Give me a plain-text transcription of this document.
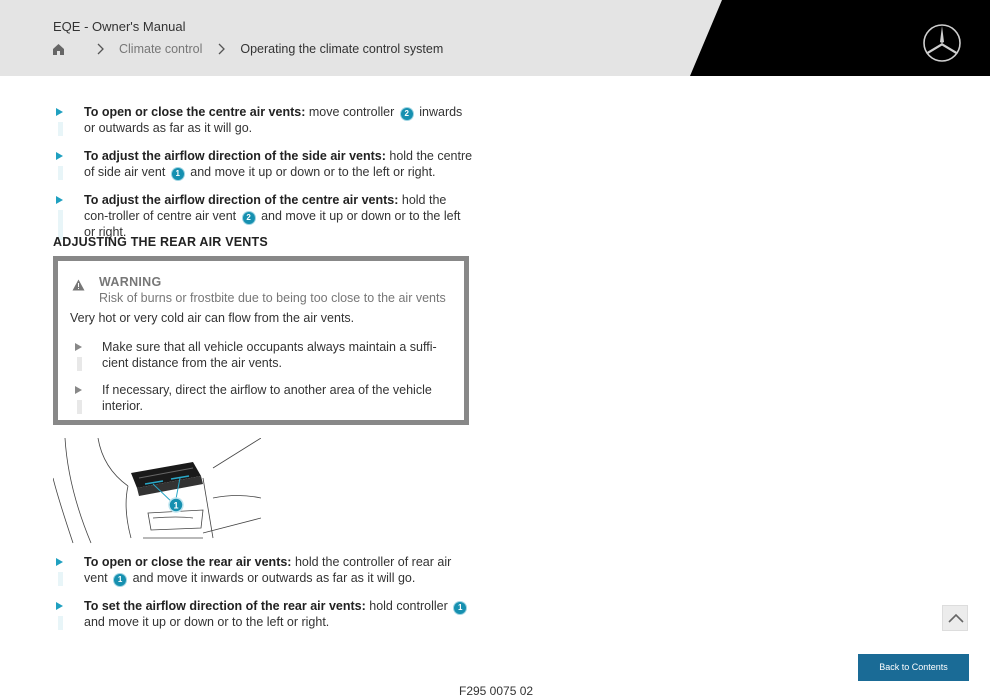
EQE - Owner's Manual
Climate control	Operating the climate control system
To open or close the centre air vents: move controller 2 inwards or outwards as far as it will go.
To adjust the airflow direction of the side air vents: hold the centre of side air vent 1 and move it up or down or to the left or right.
To adjust the airflow direction of the centre air vents: hold the con-troller of centre air vent 2 and move it up or down or to the left or right.
ADJUSTING THE REAR AIR VENTS
WARNING
Risk of burns or frostbite due to being too close to the air vents
Very hot or very cold air can flow from the air vents.
Make sure that all vehicle occupants always maintain a suffi-cient distance from the air vents.
If necessary, direct the airflow to another area of the vehicle interior.
1
To open or close the rear air vents: hold the controller of rear air vent 1 and move it inwards or outwards as far as it will go.
To set the airflow direction of the rear air vents: hold controller 1 and move it up or down or to the left or right.
Back to Contents
F295 0075 02
